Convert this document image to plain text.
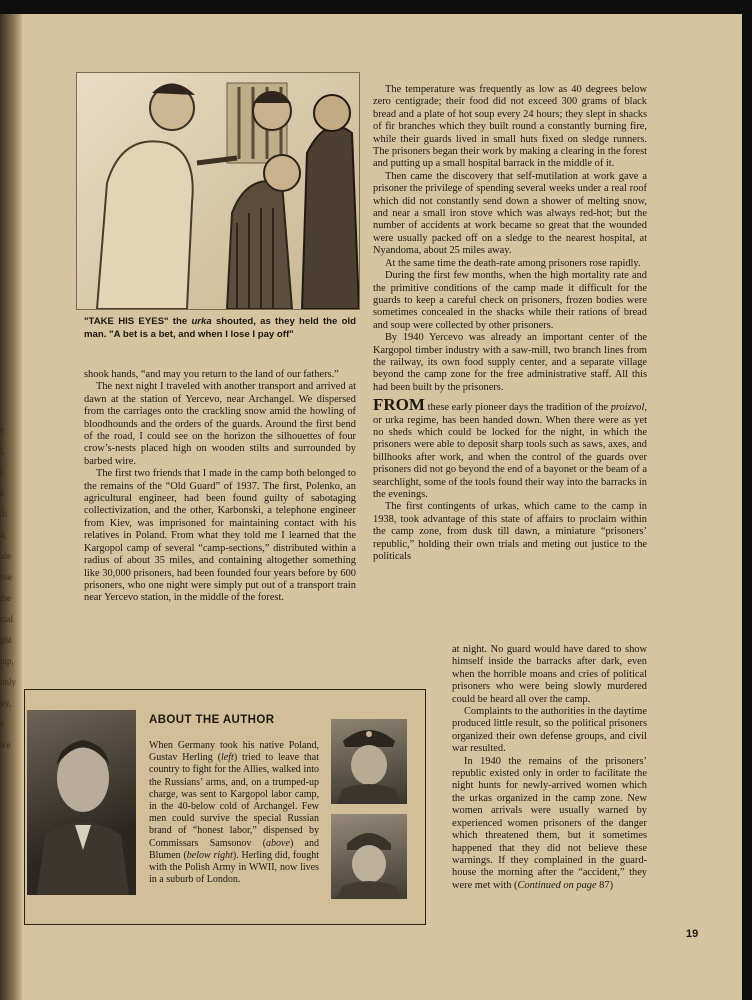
e
l,
i
e
th
d,
ide
use
the
cial
ght
nip,
only
ity,
s we
"TAKE HIS EYES" the urka shouted, as they held the old man. "A bet is a bet, and when I lose I pay off"

shook hands, “and may you return to the land of our fathers.”

The next night I traveled with another transport and arrived at dawn at the station of Yercevo, near Archangel. We dispersed from the carriages onto the crackling snow amid the howling of bloodhounds and the orders of the guards. Around the first bend of the road, I could see on the horizon the silhouettes of four crow’s-nests placed high on wooden stilts and surrounded by barbed wire.

The first two friends that I made in the camp both belonged to the remains of the “Old Guard” of 1937. The first, Polenko, an agricultural engineer, had been found guilty of sabotaging collectivization, and the other, Karbonski, a telephone engineer from Kiev, was imprisoned for maintaining contact with his relatives in Poland. From what they told me I learned that the Kargopol camp of several “camp-sections,” distributed within a radius of about 35 miles, and containing altogether something like 30,000 prisoners, had been founded four years before by 600 prisoners, who one night were simply put out of a transport train near Yercevo station, in the middle of the forest.

The temperature was frequently as low as 40 degrees below zero centigrade; their food did not exceed 300 grams of black bread and a plate of hot soup every 24 hours; they slept in shacks of fir branches which they built round a constantly burning fire, while their guards lived in small huts fixed on sledge runners. The prisoners began their work by making a clearing in the forest and putting up a small hospital barrack in the middle of it.

Then came the discovery that self-mutilation at work gave a prisoner the privilege of spending several weeks under a real roof which did not constantly send down a shower of melting snow, and near a small iron stove which was always red-hot; but the number of accidents at work became so great that the wounded were usually packed off on a sledge to the nearest hospital, at Nyandoma, about 25 miles away.

At the same time the death-rate among prisoners rose rapidly.

During the first few months, when the high mortality rate and the primitive conditions of the camp made it difficult for the guards to keep a careful check on prisoners, frozen bodies were sometimes concealed in the shacks while their rations of bread and soup were collected by other prisoners.

By 1940 Yercevo was already an important center of the Kargopol timber industry with a saw-mill, two branch lines from the railway, its own food supply center, and a separate village beyond the camp zone for the free administrative staff. All this had been built by the prisoners.

FROM these early pioneer days the tradition of the proizvol, or urka regime, has been handed down. When there were as yet no sheds which could be locked for the night, in which the prisoners were able to deposit sharp tools such as saws, axes, and billhooks after work, and when the control of the guards over prisoners did not go beyond the end of a bayonet or the beam of a searchlight, some of the tools found their way into the barracks in the evenings.

The first contingents of urkas, which came to the camp in 1938, took advantage of this state of affairs to proclaim within the camp zone, from dusk till dawn, a miniature “prisoners’ republic,” holding their own trials and meting out justice to the politicals

at night. No guard would have dared to show himself inside the barracks after dark, even when the horrible moans and cries of political prisoners who were being slowly murdered could be heard all over the camp.

Complaints to the authorities in the daytime produced little result, so the political prisoners organized their own defense groups, and civil war resulted.

In 1940 the remains of the prisoners’ republic existed only in order to facilitate the night hunts for newly-arrived women which the urkas organized in the camp zone. New women arrivals were usually warned by experienced women prisoners of the danger which threatened them, but it sometimes happened that they did not believe these warnings. If they complained in the guard-house the morning after the “accident,” they were met with (Continued on page 87)

ABOUT THE AUTHOR
When Germany took his native Poland, Gustav Herling (left) tried to leave that country to fight for the Allies, walked into the Russians’ arms, and, on a trumped-up charge, was sent to Kargopol labor camp, in the 40-below cold of Archangel. Few men could survive the special Russian brand of “honest labor,” dispensed by Commissars Samsonov (above) and Blumen (below right). Herling did, fought with the Polish Army in WWII, now lives in a suburb of London.
19
